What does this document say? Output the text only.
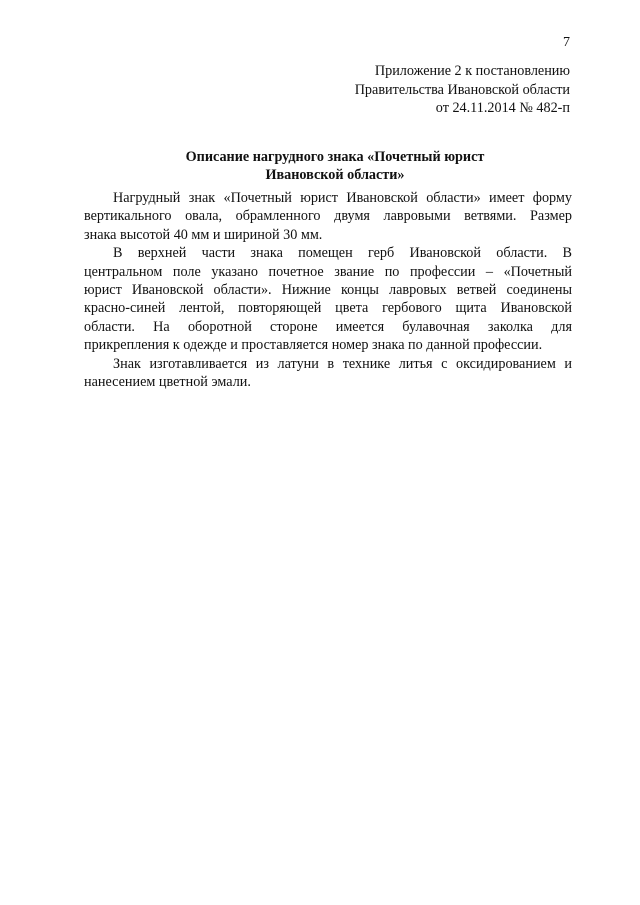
7
Приложение 2 к постановлению
Правительства Ивановской области
от 24.11.2014 № 482-п
Описание нагрудного знака «Почетный юрист
Ивановской области»

Нагрудный знак «Почетный юрист Ивановской области» имеет форму
вертикального овала, обрамленного двумя лавровыми ветвями. Размер
знака высотой 40 мм и шириной 30 мм.

В верхней части знака помещен герб Ивановской области. В
центральном поле указано почетное звание по профессии – «Почетный
юрист Ивановской области». Нижние концы лавровых ветвей соединены
красно-синей лентой, повторяющей цвета гербового щита Ивановской
области. На оборотной стороне имеется булавочная заколка для
прикрепления к одежде и проставляется номер знака по данной профессии.

Знак изготавливается из латуни в технике литья с оксидированием и
нанесением цветной эмали.
